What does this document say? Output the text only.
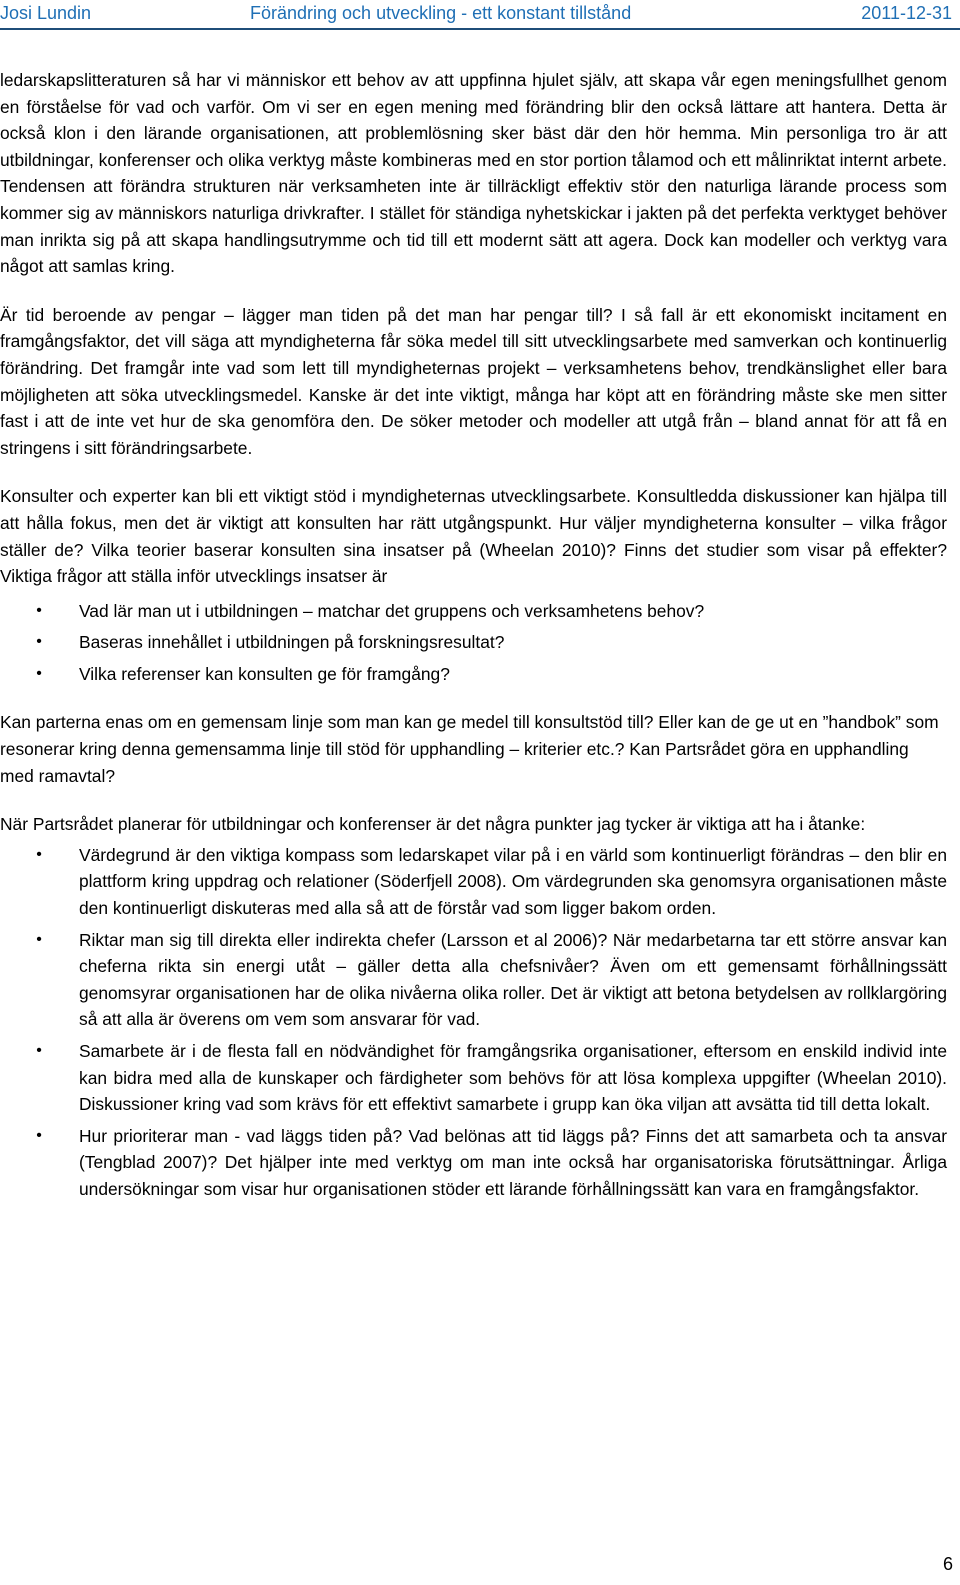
Josi Lundin	Förändring och utveckling - ett konstant tillstånd	2011-12-31

ledarskapslitteraturen så har vi människor ett behov av att uppfinna hjulet själv, att skapa vår egen meningsfullhet genom en förståelse för vad och varför. Om vi ser en egen mening med förändring blir den också lättare att hantera. Detta är också klon i den lärande organisationen, att problemlösning sker bäst där den hör hemma. Min personliga tro är att utbildningar, konferenser och olika verktyg måste kombineras med en stor portion tålamod och ett målinriktat internt arbete. Tendensen att förändra strukturen när verksamheten inte är tillräckligt effektiv stör den naturliga lärande process som kommer sig av människors naturliga drivkrafter. I stället för ständiga nyhetskickar i jakten på det perfekta verktyget behöver man inrikta sig på att skapa handlingsutrymme och tid till ett modernt sätt att agera. Dock kan modeller och verktyg vara något att samlas kring.

Är tid beroende av pengar – lägger man tiden på det man har pengar till? I så fall är ett ekonomiskt incitament en framgångsfaktor, det vill säga att myndigheterna får söka medel till sitt utvecklingsarbete med samverkan och kontinuerlig förändring. Det framgår inte vad som lett till myndigheternas projekt – verksamhetens behov, trendkänslighet eller bara möjligheten att söka utvecklingsmedel. Kanske är det inte viktigt, många har köpt att en förändring måste ske men sitter fast i att de inte vet hur de ska genomföra den. De söker metoder och modeller att utgå från – bland annat för att få en stringens i sitt förändringsarbete.

Konsulter och experter kan bli ett viktigt stöd i myndigheternas utvecklingsarbete. Konsultledda diskussioner kan hjälpa till att hålla fokus, men det är viktigt att konsulten har rätt utgångspunkt. Hur väljer myndigheterna konsulter – vilka frågor ställer de? Vilka teorier baserar konsulten sina insatser på (Wheelan 2010)? Finns det studier som visar på effekter? Viktiga frågor att ställa inför utvecklings insatser är

•	Vad lär man ut i utbildningen – matchar det gruppens och verksamhetens behov?
•	Baseras innehållet i utbildningen på forskningsresultat?
•	Vilka referenser kan konsulten ge för framgång?

Kan parterna enas om en gemensam linje som man kan ge medel till konsultstöd till? Eller kan de ge ut en ”handbok” som resonerar kring denna gemensamma linje till stöd för upphandling – kriterier etc.? Kan Partsrådet göra en upphandling med ramavtal?

När Partsrådet planerar för utbildningar och konferenser är det några punkter jag tycker är viktiga att ha i åtanke:

•	Värdegrund är den viktiga kompass som ledarskapet vilar på i en värld som kontinuerligt förändras – den blir en plattform kring uppdrag och relationer (Söderfjell 2008). Om värdegrunden ska genomsyra organisationen måste den kontinuerligt diskuteras med alla så att de förstår vad som ligger bakom orden.
•	Riktar man sig till direkta eller indirekta chefer (Larsson et al 2006)? När medarbetarna tar ett större ansvar kan cheferna rikta sin energi utåt – gäller detta alla chefsnivåer? Även om ett gemensamt förhållningssätt genomsyrar organisationen har de olika nivåerna olika roller. Det är viktigt att betona betydelsen av rollklargöring så att alla är överens om vem som ansvarar för vad.
•	Samarbete är i de flesta fall en nödvändighet för framgångsrika organisationer, eftersom en enskild individ inte kan bidra med alla de kunskaper och färdigheter som behövs för att lösa komplexa uppgifter (Wheelan 2010). Diskussioner kring vad som krävs för ett effektivt samarbete i grupp kan öka viljan att avsätta tid till detta lokalt.
•	Hur prioriterar man - vad läggs tiden på? Vad belönas att tid läggs på? Finns det att samarbeta och ta ansvar (Tengblad 2007)? Det hjälper inte med verktyg om man inte också har organisatoriska förutsättningar. Årliga undersökningar som visar hur organisationen stöder ett lärande förhållningssätt kan vara en framgångsfaktor.
6
